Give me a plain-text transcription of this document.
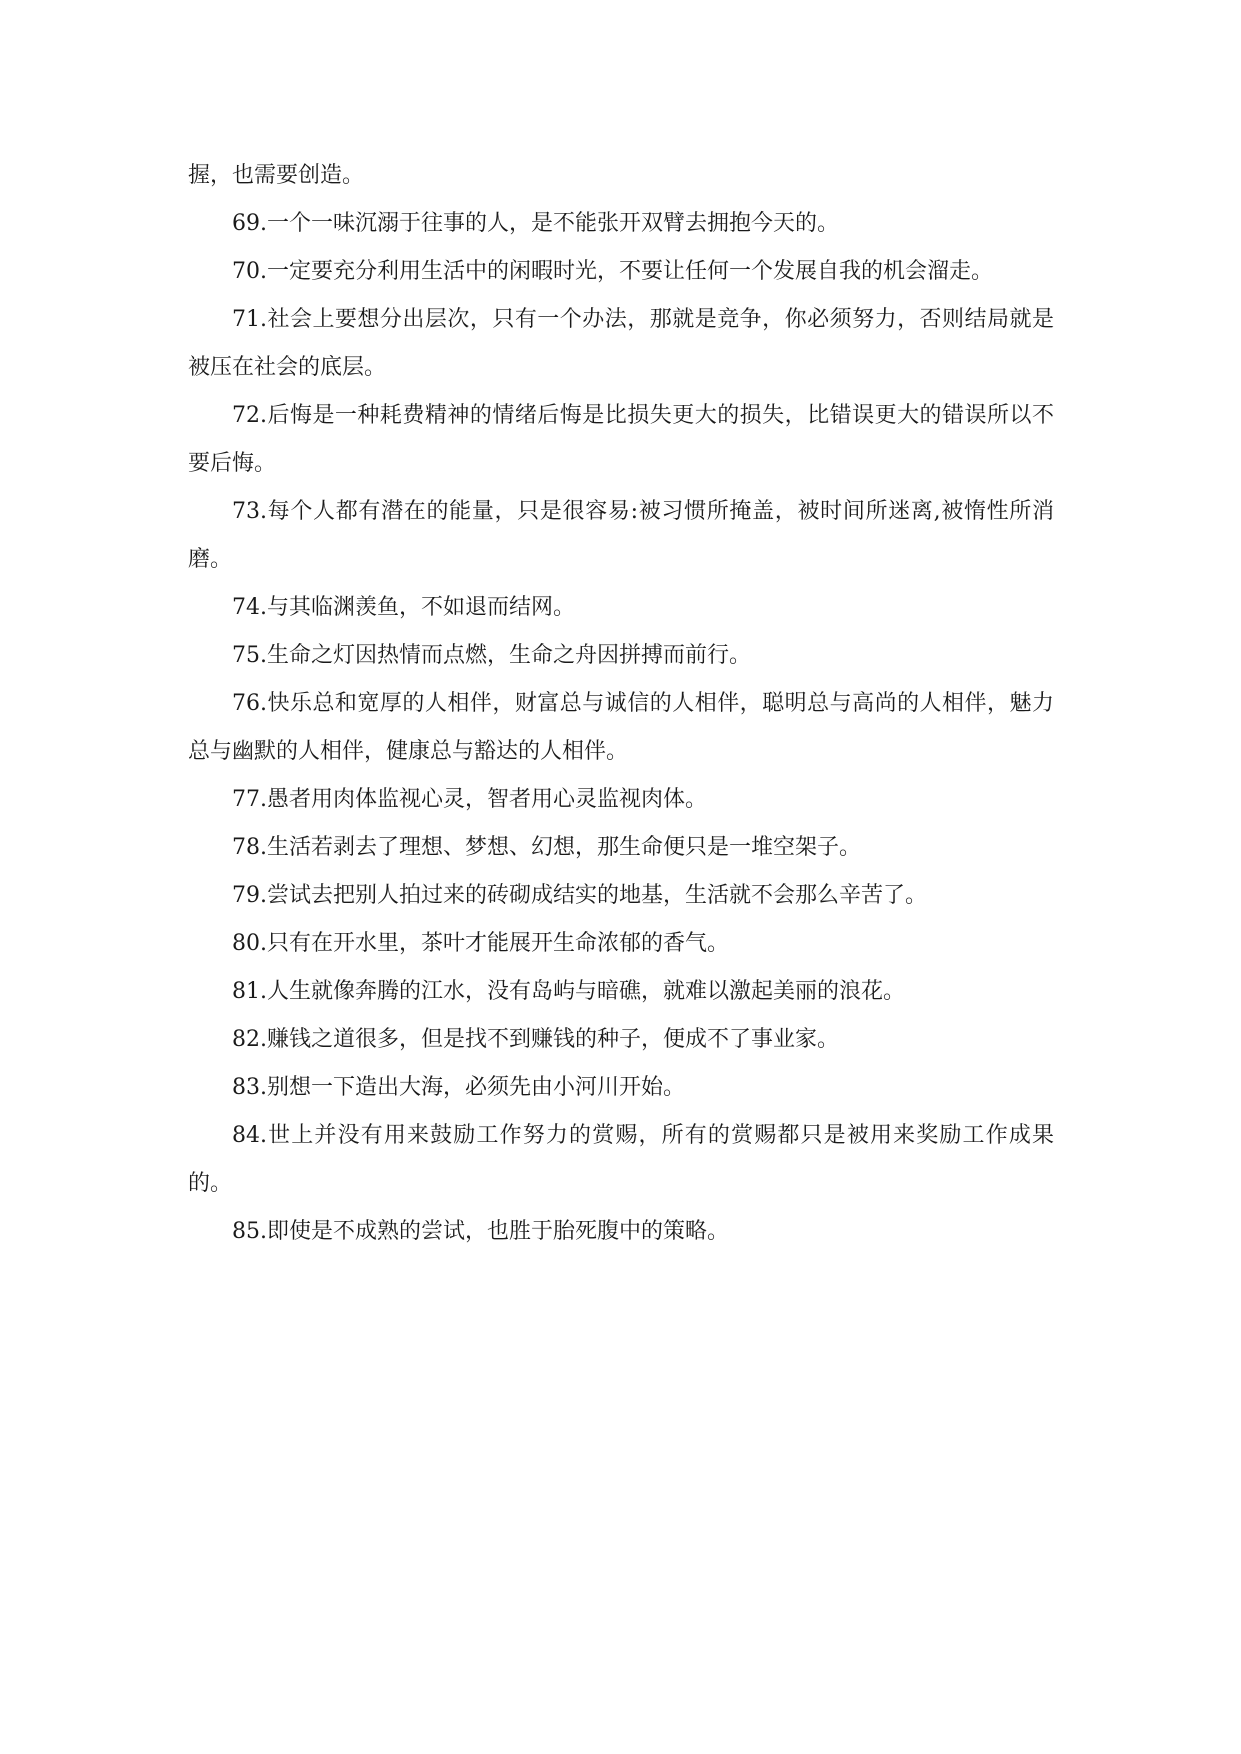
握，也需要创造。

69.一个一味沉溺于往事的人，是不能张开双臂去拥抱今天的。

70.一定要充分利用生活中的闲暇时光，不要让任何一个发展自我的机会溜走。

71.社会上要想分出层次，只有一个办法，那就是竞争，你必须努力，否则结局就是被压在社会的底层。

72.后悔是一种耗费精神的情绪后悔是比损失更大的损失，比错误更大的错误所以不要后悔。

73.每个人都有潜在的能量，只是很容易:被习惯所掩盖，被时间所迷离,被惰性所消磨。

74.与其临渊羡鱼，不如退而结网。

75.生命之灯因热情而点燃，生命之舟因拼搏而前行。

76.快乐总和宽厚的人相伴，财富总与诚信的人相伴，聪明总与高尚的人相伴，魅力总与幽默的人相伴，健康总与豁达的人相伴。

77.愚者用肉体监视心灵，智者用心灵监视肉体。

78.生活若剥去了理想、梦想、幻想，那生命便只是一堆空架子。

79.尝试去把别人拍过来的砖砌成结实的地基，生活就不会那么辛苦了。

80.只有在开水里，茶叶才能展开生命浓郁的香气。

81.人生就像奔腾的江水，没有岛屿与暗礁，就难以激起美丽的浪花。

82.赚钱之道很多，但是找不到赚钱的种子，便成不了事业家。

83.别想一下造出大海，必须先由小河川开始。

84.世上并没有用来鼓励工作努力的赏赐，所有的赏赐都只是被用来奖励工作成果的。

85.即使是不成熟的尝试，也胜于胎死腹中的策略。
